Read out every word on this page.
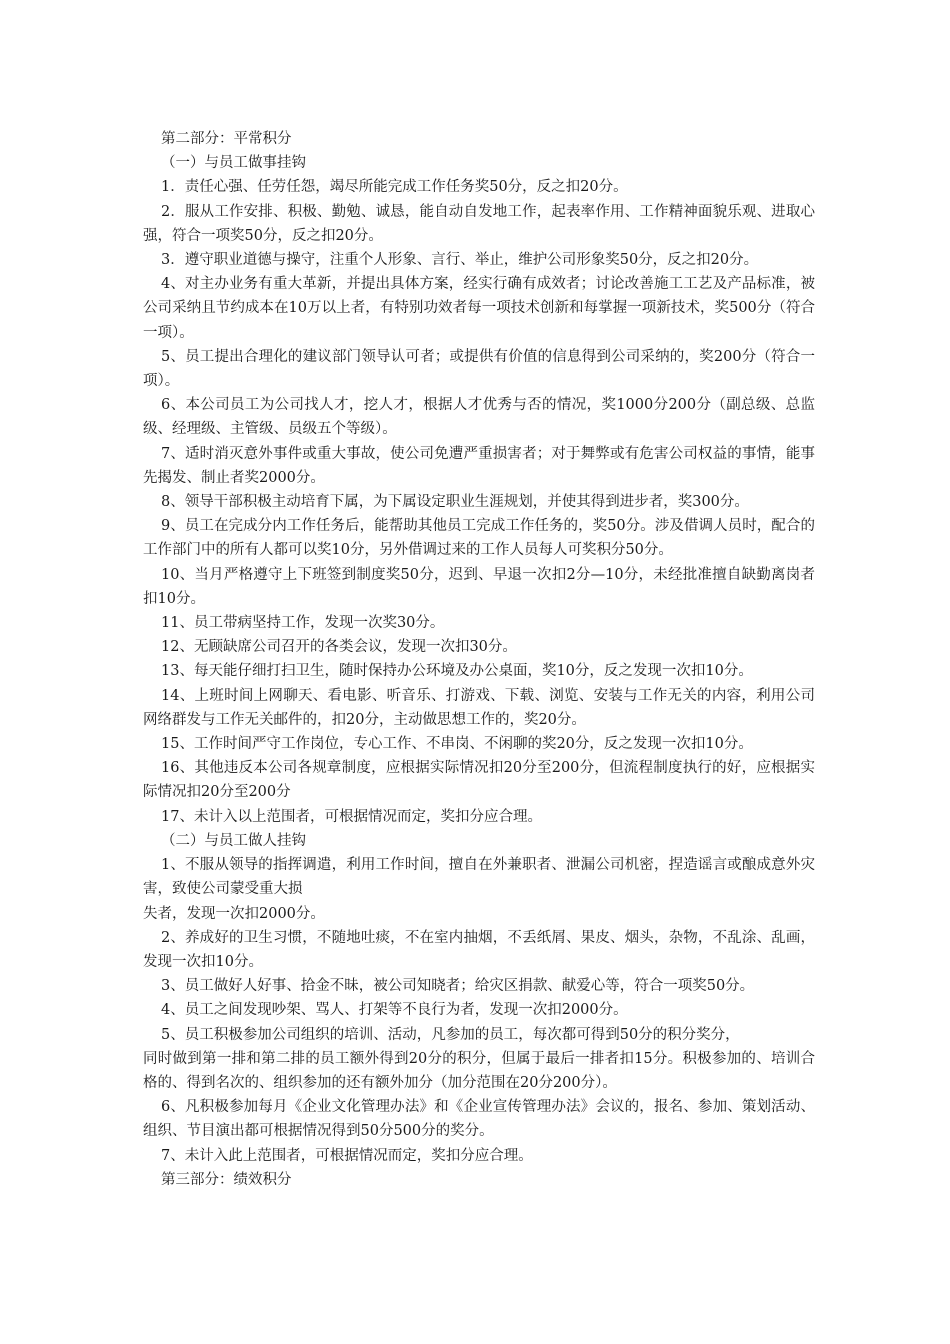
第二部分：平常积分

（一）与员工做事挂钩

1．责任心强、任劳任怨，竭尽所能完成工作任务奖50分，反之扣20分。

2．服从工作安排、积极、勤勉、诚恳，能自动自发地工作，起表率作用、工作精神面貌乐观、进取心强，符合一项奖50分，反之扣20分。

3．遵守职业道德与操守，注重个人形象、言行、举止，维护公司形象奖50分，反之扣20分。

4、对主办业务有重大革新，并提出具体方案，经实行确有成效者；讨论改善施工工艺及产品标准，被公司采纳且节约成本在10万以上者，有特别功效者每一项技术创新和每掌握一项新技术，奖500分（符合一项）。

5、员工提出合理化的建议部门领导认可者；或提供有价值的信息得到公司采纳的，奖200分（符合一项）。

6、本公司员工为公司找人才，挖人才，根据人才优秀与否的情况，奖1000分200分（副总级、总监级、经理级、主管级、员级五个等级）。

7、适时消灭意外事件或重大事故，使公司免遭严重损害者；对于舞弊或有危害公司权益的事情，能事先揭发、制止者奖2000分。

8、领导干部积极主动培育下属，为下属设定职业生涯规划，并使其得到进步者，奖300分。

9、员工在完成分内工作任务后，能帮助其他员工完成工作任务的，奖50分。涉及借调人员时，配合的工作部门中的所有人都可以奖10分，另外借调过来的工作人员每人可奖积分50分。

10、当月严格遵守上下班签到制度奖50分，迟到、早退一次扣2分—10分，未经批准擅自缺勤离岗者扣10分。

11、员工带病坚持工作，发现一次奖30分。

12、无顾缺席公司召开的各类会议，发现一次扣30分。

13、每天能仔细打扫卫生，随时保持办公环境及办公桌面，奖10分，反之发现一次扣10分。

14、上班时间上网聊天、看电影、听音乐、打游戏、下载、浏览、安装与工作无关的内容，利用公司网络群发与工作无关邮件的，扣20分，主动做思想工作的，奖20分。

15、工作时间严守工作岗位，专心工作、不串岗、不闲聊的奖20分，反之发现一次扣10分。

16、其他违反本公司各规章制度，应根据实际情况扣20分至200分，但流程制度执行的好，应根据实际情况扣20分至200分

17、未计入以上范围者，可根据情况而定，奖扣分应合理。

（二）与员工做人挂钩

1、不服从领导的指挥调遣，利用工作时间，擅自在外兼职者、泄漏公司机密，捏造谣言或酿成意外灾害，致使公司蒙受重大损

失者，发现一次扣2000分。

2、养成好的卫生习惯，不随地吐痰，不在室内抽烟，不丢纸屑、果皮、烟头，杂物，不乱涂、乱画，发现一次扣10分。

3、员工做好人好事、拾金不昧，被公司知晓者；给灾区捐款、献爱心等，符合一项奖50分。

4、员工之间发现吵架、骂人、打架等不良行为者，发现一次扣2000分。

5、员工积极参加公司组织的培训、活动，凡参加的员工，每次都可得到50分的积分奖分，

同时做到第一排和第二排的员工额外得到20分的积分，但属于最后一排者扣15分。积极参加的、培训合格的、得到名次的、组织参加的还有额外加分（加分范围在20分200分）。

6、凡积极参加每月《企业文化管理办法》和《企业宣传管理办法》会议的，报名、参加、策划活动、组织、节目演出都可根据情况得到50分500分的奖分。

7、未计入此上范围者，可根据情况而定，奖扣分应合理。

第三部分：绩效积分
